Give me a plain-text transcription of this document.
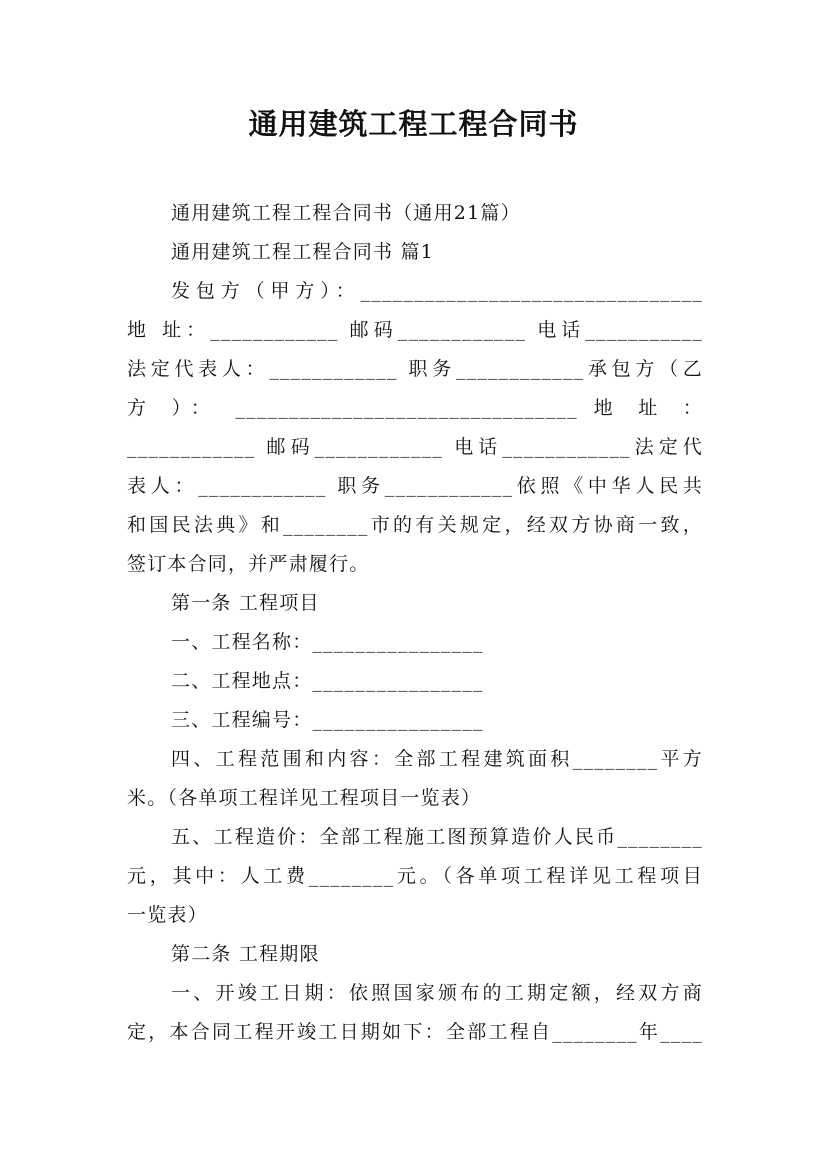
通用建筑工程工程合同书
通用建筑工程工程合同书（通用21篇）
通用建筑工程工程合同书 篇1
发包方（甲方）：________________________________
地 址：____________ 邮码____________ 电话___________
法定代表人：____________ 职务____________承包方（乙
方 ）： ________________________________ 地 址 ：
____________ 邮码____________ 电话____________法定代
表人：____________ 职务____________依照《中华人民共
和国民法典》和________市的有关规定，经双方协商一致，
签订本合同，并严肃履行。
第一条 工程项目
一、工程名称：________________
二、工程地点：________________
三、工程编号：________________
四、工程范围和内容：全部工程建筑面积________平方
米。（各单项工程详见工程项目一览表）
五、工程造价：全部工程施工图预算造价人民币________
元，其中：人工费________元。（各单项工程详见工程项目
一览表）
第二条 工程期限
一、开竣工日期：依照国家颁布的工期定额，经双方商
定，本合同工程开竣工日期如下：全部工程自________年____
